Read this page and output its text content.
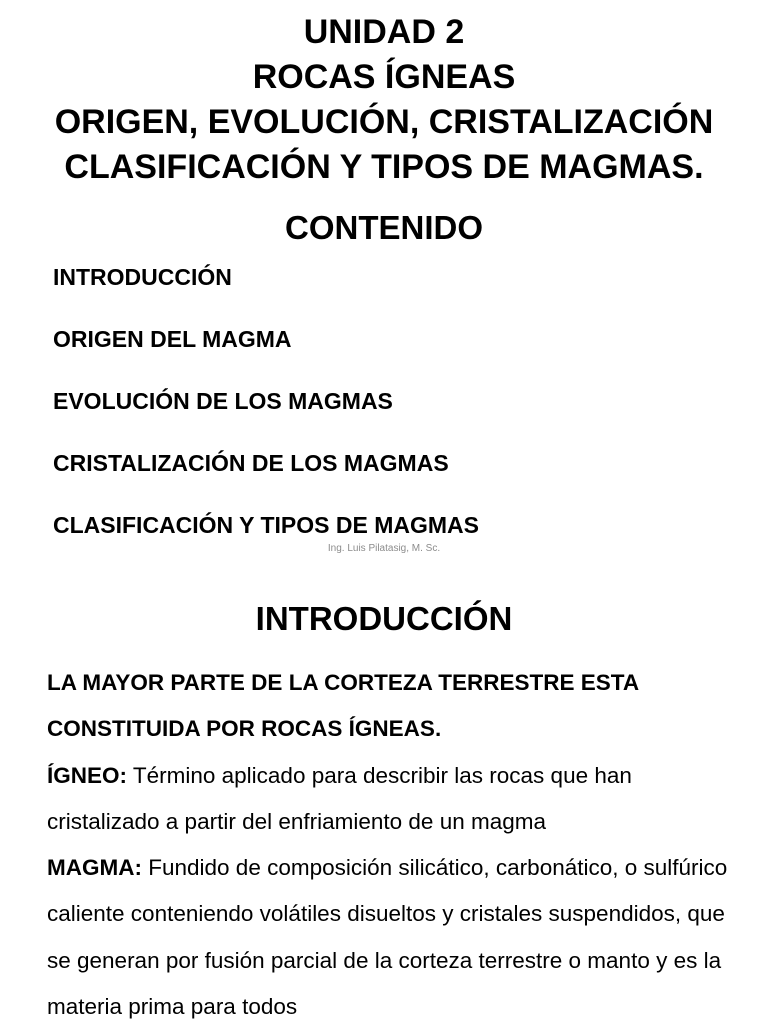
UNIDAD 2
ROCAS ÍGNEAS
ORIGEN, EVOLUCIÓN, CRISTALIZACIÓN
CLASIFICACIÓN Y TIPOS DE MAGMAS.
CONTENIDO
INTRODUCCIÓN
ORIGEN DEL MAGMA
EVOLUCIÓN DE LOS MAGMAS
CRISTALIZACIÓN DE LOS MAGMAS
CLASIFICACIÓN Y TIPOS DE MAGMAS
Ing. Luis Pilatasig, M. Sc.
INTRODUCCIÓN

LA MAYOR PARTE DE LA CORTEZA TERRESTRE ESTA CONSTITUIDA POR ROCAS ÍGNEAS.

ÍGNEO: Término aplicado para describir las rocas que han cristalizado a partir del enfriamiento de un magma

MAGMA: Fundido de composición silicático, carbonático, o sulfúrico caliente conteniendo volátiles disueltos y cristales suspendidos, que se generan por fusión parcial de la corteza terrestre o manto y es la materia prima para todos
